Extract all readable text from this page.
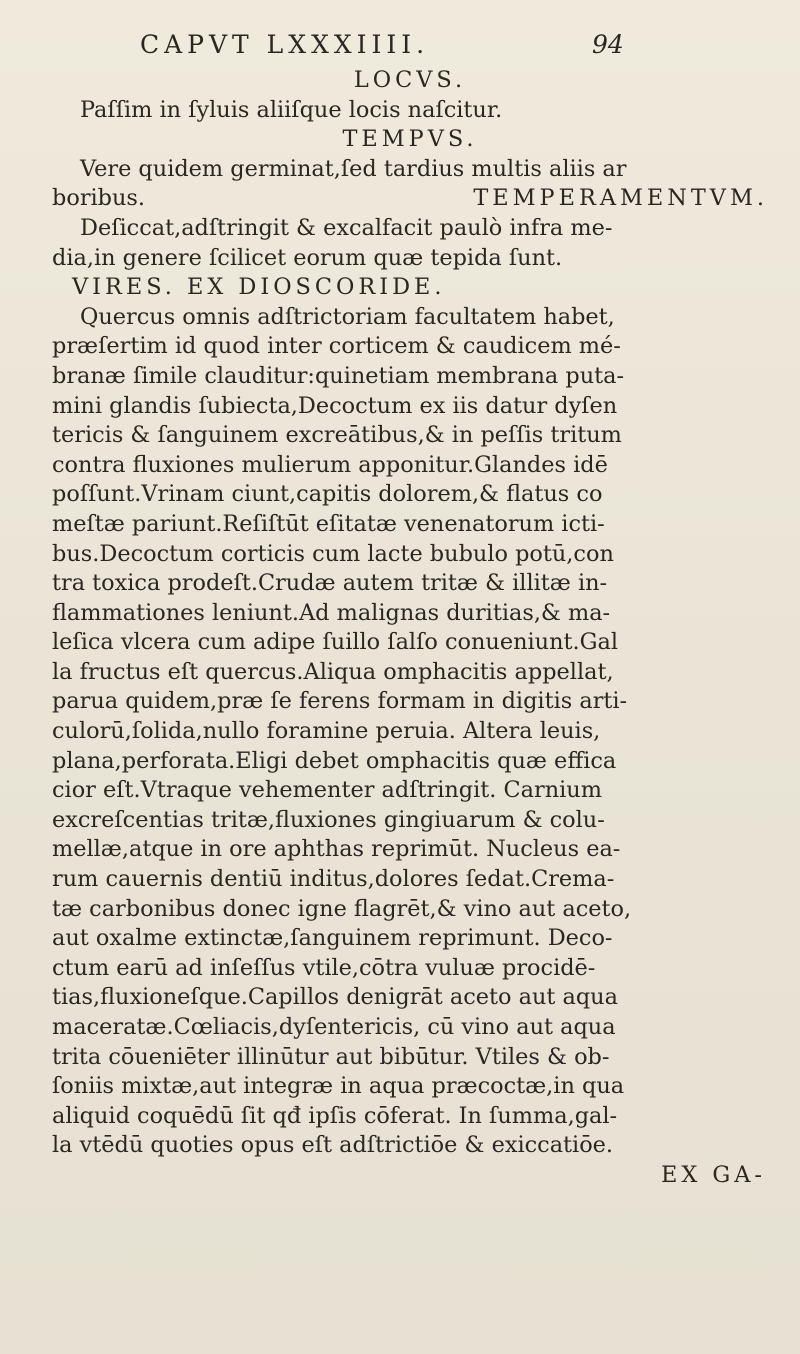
CAPVT LXXXIIII.	94
LOCVS.
Paſſim in ſyluis aliiſque locis naſcitur.
TEMPVS.
Vere quidem germinat,ſed tardius multis aliis ar
boribus.	TEMPERAMENTVM.
Deſiccat,adſtringit & excalfacit paulò infra me-
dia,in genere ſcilicet eorum quæ tepida ſunt.
VIRES. EX DIOSCORIDE.
Quercus omnis adſtrictoriam facultatem habet,
præſertim id quod inter corticem & caudicem mé-
branæ ſimile clauditur:quinetiam membrana puta-
mini glandis ſubiecta,Decoctum ex iis datur dyſen
tericis & ſanguinem excreātibus,& in peſſis tritum
contra fluxiones mulierum apponitur.Glandes idē
poſſunt.Vrinam ciunt,capitis dolorem,& flatus co
meſtæ pariunt.Reſiſtūt eſitatæ venenatorum icti-
bus.Decoctum corticis cum lacte bubulo potū,con
tra toxica prodeſt.Crudæ autem tritæ & illitæ in-
flammationes leniunt.Ad malignas duritias,& ma-
leſica vlcera cum adipe ſuillo ſalſo conueniunt.Gal
la fructus eſt quercus.Aliqua omphacitis appellat,
parua quidem,præ ſe ferens formam in digitis arti-
culorū,ſolida,nullo foramine peruia. Altera leuis,
plana,perforata.Eligi debet omphacitis quæ effica
cior eſt.Vtraque vehementer adſtringit. Carnium
excreſcentias tritæ,fluxiones gingiuarum & colu-
mellæ,atque in ore aphthas reprimūt. Nucleus ea-
rum cauernis dentiū inditus,dolores ſedat.Crema-
tæ carbonibus donec igne flagrēt,& vino aut aceto,
aut oxalme extinctæ,ſanguinem reprimunt. Deco-
ctum earū ad inſeſſus vtile,cōtra vuluæ procidē-
tias,fluxioneſque.Capillos denigrāt aceto aut aqua
maceratæ.Cœliacis,dyſentericis, cū vino aut aqua
trita cōueniēter illinūtur aut bibūtur. Vtiles & ob-
ſoniis mixtæ,aut integræ in aqua præcoctæ,in qua
aliquid coquēdū ſit qđ ipſis cōferat. In ſumma,gal-
la vtēdū quoties opus eſt adſtrictiōe & exiccatiōe.
EX GA-
